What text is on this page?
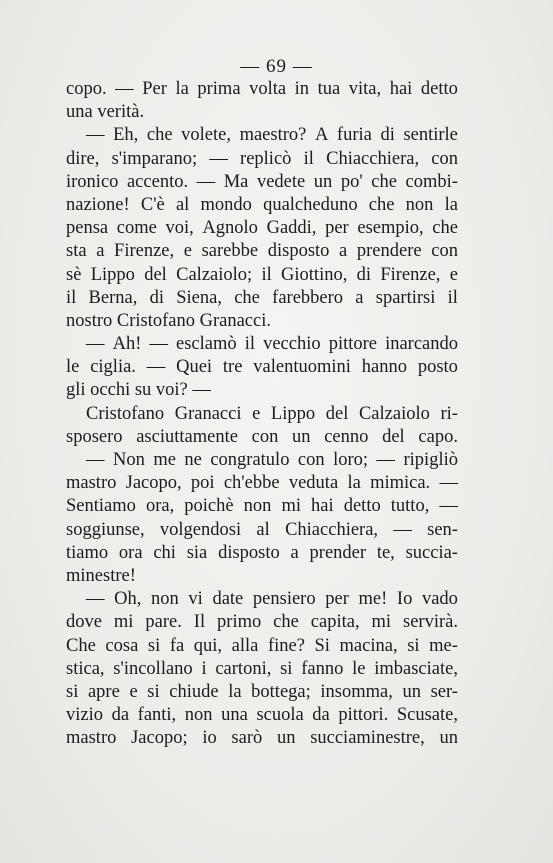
— 69 —
copo. — Per la prima volta in tua vita, hai detto
una verità.
— Eh, che volete, maestro? A furia di sentirle
dire, s'imparano; — replicò il Chiacchiera, con
ironico accento. — Ma vedete un po' che combi-
nazione! C'è al mondo qualcheduno che non la
pensa come voi, Agnolo Gaddi, per esempio, che
sta a Firenze, e sarebbe disposto a prendere con
sè Lippo del Calzaiolo; il Giottino, di Firenze, e
il Berna, di Siena, che farebbero a spartirsi il
nostro Cristofano Granacci.
— Ah! — esclamò il vecchio pittore inarcando
le ciglia. — Quei tre valentuomini hanno posto
gli occhi su voi? —
Cristofano Granacci e Lippo del Calzaiolo ri-
sposero asciuttamente con un cenno del capo.
— Non me ne congratulo con loro; — ripigliò
mastro Jacopo, poi ch'ebbe veduta la mimica. —
Sentiamo ora, poichè non mi hai detto tutto, —
soggiunse, volgendosi al Chiacchiera, — sen-
tiamo ora chi sia disposto a prender te, succia-
minestre!
— Oh, non vi date pensiero per me! Io vado
dove mi pare. Il primo che capita, mi servirà.
Che cosa si fa qui, alla fine? Si macina, si me-
stica, s'incollano i cartoni, si fanno le imbasciate,
si apre e si chiude la bottega; insomma, un ser-
vizio da fanti, non una scuola da pittori. Scusate,
mastro Jacopo; io sarò un succiaminestre, un
